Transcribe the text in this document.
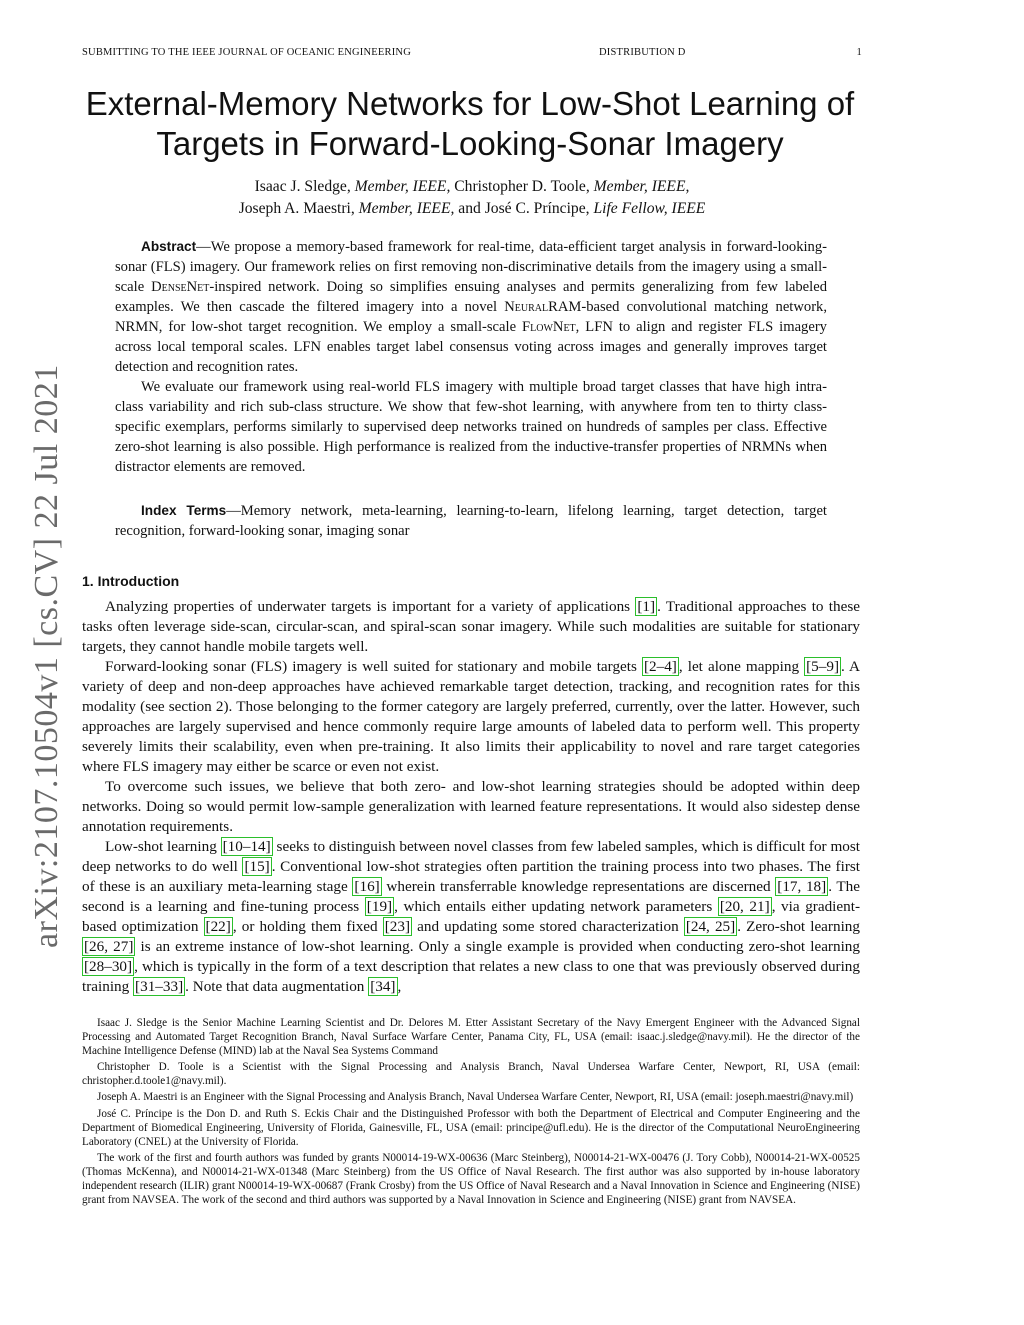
SUBMITTING TO THE IEEE JOURNAL OF OCEANIC ENGINEERING	DISTRIBUTION D	1
arXiv:2107.10504v1 [cs.CV] 22 Jul 2021
External-Memory Networks for Low-Shot Learning of
Targets in Forward-Looking-Sonar Imagery
Isaac J. Sledge, Member, IEEE, Christopher D. Toole, Member, IEEE,
Joseph A. Maestri, Member, IEEE, and José C. Príncipe, Life Fellow, IEEE

Abstract—We propose a memory-based framework for real-time, data-efficient target analysis in forward-looking-sonar (FLS) imagery. Our framework relies on first removing non-discriminative details from the imagery using a small-scale DenseNet-inspired network. Doing so simplifies ensuing analyses and permits generalizing from few labeled examples. We then cascade the filtered imagery into a novel NeuralRAM-based convolutional matching network, NRMN, for low-shot target recognition. We employ a small-scale FlowNet, LFN to align and register FLS imagery across local temporal scales. LFN enables target label consensus voting across images and generally improves target detection and recognition rates.

We evaluate our framework using real-world FLS imagery with multiple broad target classes that have high intra-class variability and rich sub-class structure. We show that few-shot learning, with anywhere from ten to thirty class-specific exemplars, performs similarly to supervised deep networks trained on hundreds of samples per class. Effective zero-shot learning is also possible. High performance is realized from the inductive-transfer properties of NRMNs when distractor elements are removed.

Index Terms—Memory network, meta-learning, learning-to-learn, lifelong learning, target detection, target recognition, forward-looking sonar, imaging sonar
1. Introduction

Analyzing properties of underwater targets is important for a variety of applications [1] . Traditional approaches to these tasks often leverage side-scan, circular-scan, and spiral-scan sonar imagery. While such modalities are suitable for stationary targets, they cannot handle mobile targets well.

Forward-looking sonar (FLS) imagery is well suited for stationary and mobile targets [2–4] , let alone mapping [5–9] . A variety of deep and non-deep approaches have achieved remarkable target detection, tracking, and recognition rates for this modality (see section 2). Those belonging to the former category are largely preferred, currently, over the latter. However, such approaches are largely supervised and hence commonly require large amounts of labeled data to perform well. This property severely limits their scalability, even when pre-training. It also limits their applicability to novel and rare target categories where FLS imagery may either be scarce or even not exist.

To overcome such issues, we believe that both zero- and low-shot learning strategies should be adopted within deep networks. Doing so would permit low-sample generalization with learned feature representations. It would also sidestep dense annotation requirements.

Low-shot learning [10–14] seeks to distinguish between novel classes from few labeled samples, which is difficult for most deep networks to do well [15] . Conventional low-shot strategies often partition the training process into two phases. The first of these is an auxiliary meta-learning stage [16] wherein transferrable knowledge representations are discerned [17, 18] . The second is a learning and fine-tuning process [19] , which entails either updating network parameters [20, 21] , via gradient-based optimization [22] , or holding them fixed [23] and updating some stored characterization [24, 25] . Zero-shot learning [26, 27] is an extreme instance of low-shot learning. Only a single example is provided when conducting zero-shot learning [28–30] , which is typically in the form of a text description that relates a new class to one that was previously observed during training [31–33] . Note that data augmentation [34] ,

Isaac J. Sledge is the Senior Machine Learning Scientist and Dr. Delores M. Etter Assistant Secretary of the Navy Emergent Engineer with the Advanced Signal Processing and Automated Target Recognition Branch, Naval Surface Warfare Center, Panama City, FL, USA (email: isaac.j.sledge@navy.mil). He the director of the Machine Intelligence Defense (MIND) lab at the Naval Sea Systems Command

Christopher D. Toole is a Scientist with the Signal Processing and Analysis Branch, Naval Undersea Warfare Center, Newport, RI, USA (email: christopher.d.toole1@navy.mil).

Joseph A. Maestri is an Engineer with the Signal Processing and Analysis Branch, Naval Undersea Warfare Center, Newport, RI, USA (email: joseph.maestri@navy.mil)

José C. Príncipe is the Don D. and Ruth S. Eckis Chair and the Distinguished Professor with both the Department of Electrical and Computer Engineering and the Department of Biomedical Engineering, University of Florida, Gainesville, FL, USA (email: principe@ufl.edu). He is the director of the Computational NeuroEngineering Laboratory (CNEL) at the University of Florida.

The work of the first and fourth authors was funded by grants N00014-19-WX-00636 (Marc Steinberg), N00014-21-WX-00476 (J. Tory Cobb), N00014-21-WX-00525 (Thomas McKenna), and N00014-21-WX-01348 (Marc Steinberg) from the US Office of Naval Research. The first author was also supported by in-house laboratory independent research (ILIR) grant N00014-19-WX-00687 (Frank Crosby) from the US Office of Naval Research and a Naval Innovation in Science and Engineering (NISE) grant from NAVSEA. The work of the second and third authors was supported by a Naval Innovation in Science and Engineering (NISE) grant from NAVSEA.
